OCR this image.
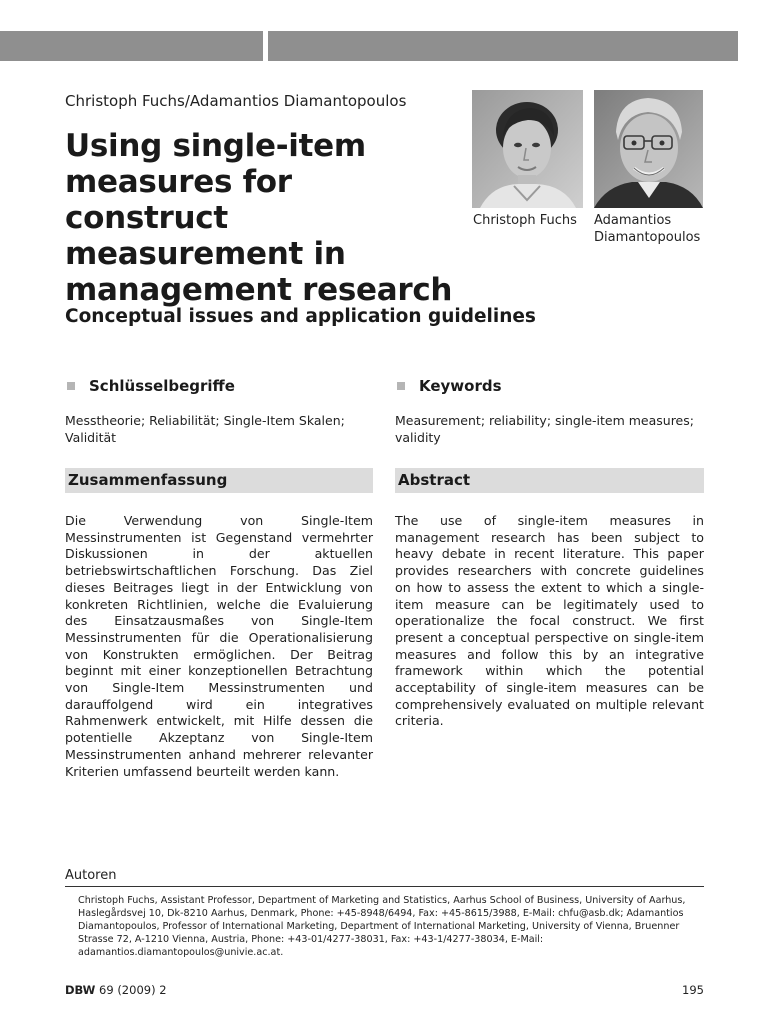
Christoph Fuchs/Adamantios Diamantopoulos
Using single-item measures for construct measurement in management research
Conceptual issues and application guidelines
Christoph Fuchs Adamantios
Diamantopoulos
Schlüsselbegriffe	Keywords
Messtheorie; Reliabilität; Single-Item Skalen; Validität
Measurement; reliability; single-item measures; validity
Zusammenfassung	Abstract

Die Verwendung von Single-Item Messinstrumenten ist Gegenstand vermehrter Diskussionen in der aktuellen betriebswirtschaftlichen Forschung. Das Ziel dieses Beitrages liegt in der Entwicklung von konkreten Richtlinien, welche die Evaluierung des Einsatzausmaßes von Single-Item Messinstrumenten für die Operationalisierung von Konstrukten ermöglichen. Der Beitrag beginnt mit einer konzeptionellen Betrachtung von Single-Item Messinstrumenten und darauffolgend wird ein integratives Rahmenwerk entwickelt, mit Hilfe dessen die potentielle Akzeptanz von Single-Item Messinstrumenten anhand mehrerer relevanter Kriterien umfassend beurteilt werden kann.

The use of single-item measures in management research has been subject to heavy debate in recent literature. This paper provides researchers with concrete guidelines on how to assess the extent to which a single-item measure can be legitimately used to operationalize the focal construct. We first present a conceptual perspective on single-item measures and follow this by an integrative framework within which the potential acceptability of single-item measures can be comprehensively evaluated on multiple relevant criteria.

Autoren
Christoph Fuchs, Assistant Professor, Department of Marketing and Statistics, Aarhus School of Business, University of Aarhus, Haslegårdsvej 10, Dk-8210 Aarhus, Denmark, Phone: +45-8948/6494, Fax: +45-8615/3988, E-Mail: chfu@asb.dk; Adamantios Diamantopoulos, Professor of International Marketing, Department of International Marketing, University of Vienna, Bruenner Strasse 72, A-1210 Vienna, Austria, Phone: +43-01/4277-38031, Fax: +43-1/4277-38034, E-Mail: adamantios.diamantopoulos@univie.ac.at.
DBW 69 (2009) 2	195
